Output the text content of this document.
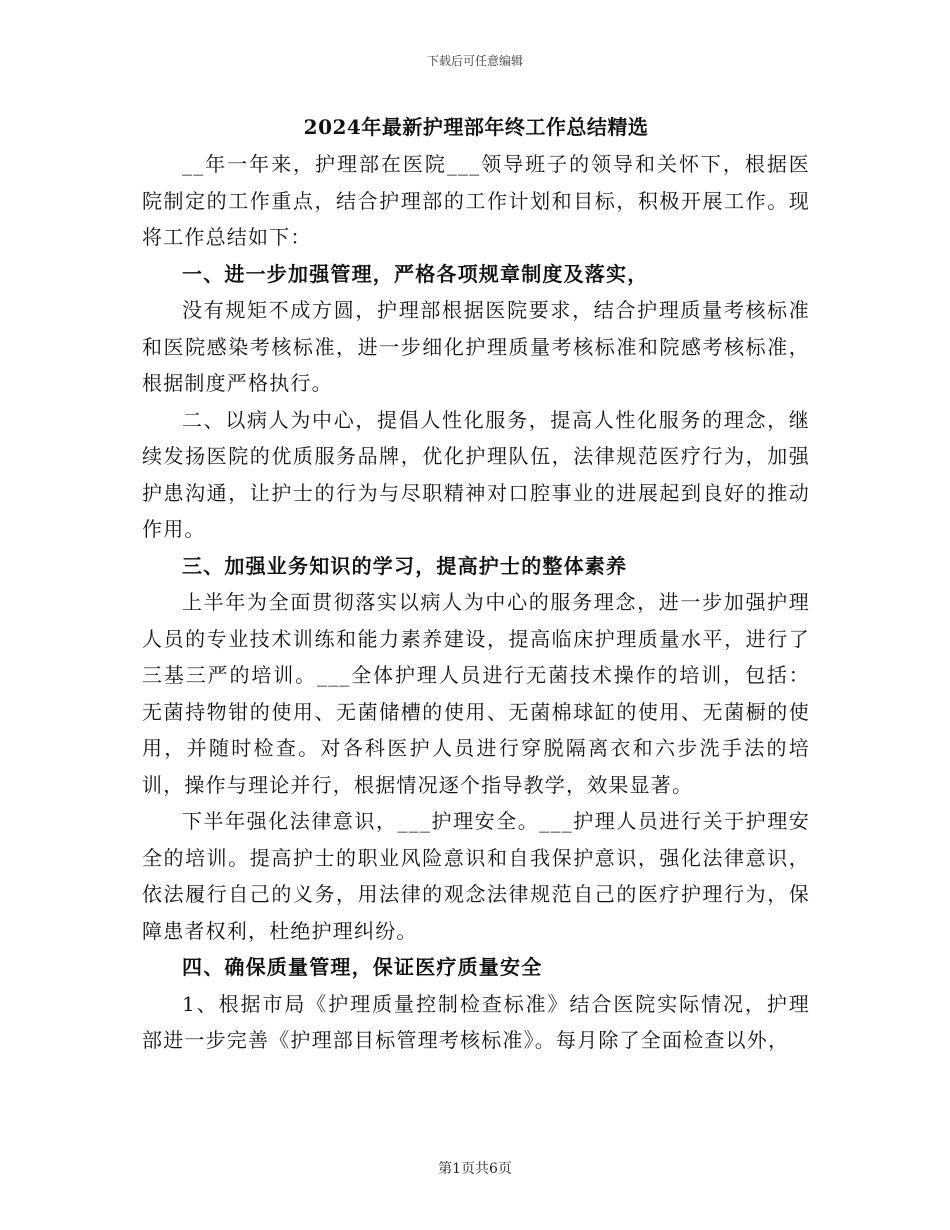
下载后可任意编辑
2024年最新护理部年终工作总结精选

__年一年来，护理部在医院___领导班子的领导和关怀下，根据医院制定的工作重点，结合护理部的工作计划和目标，积极开展工作。现将工作总结如下：

一、进一步加强管理，严格各项规章制度及落实，

没有规矩不成方圆，护理部根据医院要求，结合护理质量考核标准和医院感染考核标准，进一步细化护理质量考核标准和院感考核标准，根据制度严格执行。

二、以病人为中心，提倡人性化服务，提高人性化服务的理念，继续发扬医院的优质服务品牌，优化护理队伍，法律规范医疗行为，加强护患沟通，让护士的行为与尽职精神对口腔事业的进展起到良好的推动作用。

三、加强业务知识的学习，提高护士的整体素养

上半年为全面贯彻落实以病人为中心的服务理念，进一步加强护理人员的专业技术训练和能力素养建设，提高临床护理质量水平，进行了三基三严的培训。___全体护理人员进行无菌技术操作的培训，包括：无菌持物钳的使用、无菌储槽的使用、无菌棉球缸的使用、无菌橱的使用，并随时检查。对各科医护人员进行穿脱隔离衣和六步洗手法的培训，操作与理论并行，根据情况逐个指导教学，效果显著。

下半年强化法律意识，___护理安全。___护理人员进行关于护理安全的培训。提高护士的职业风险意识和自我保护意识，强化法律意识，依法履行自己的义务，用法律的观念法律规范自己的医疗护理行为，保障患者权利，杜绝护理纠纷。

四、确保质量管理，保证医疗质量安全

1、根据市局《护理质量控制检查标准》结合医院实际情况，护理部进一步完善《护理部目标管理考核标准》。每月除了全面检查以外，

第1页共6页
